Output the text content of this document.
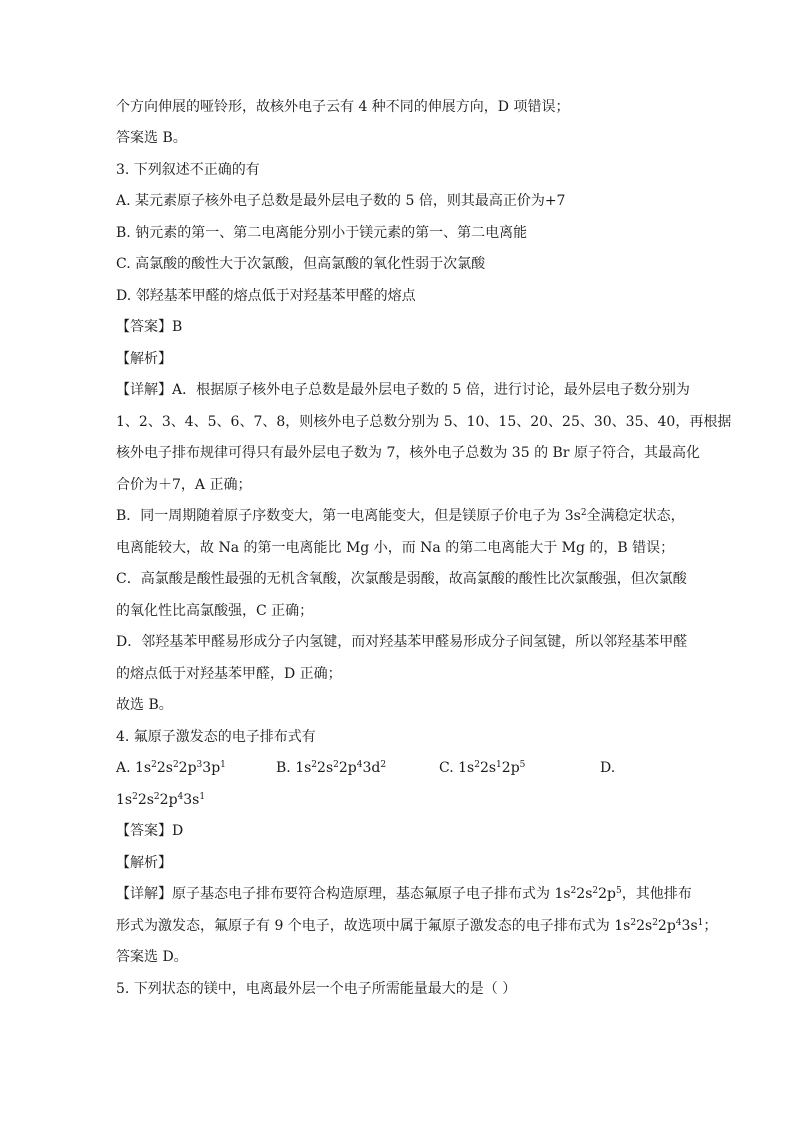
个方向伸展的哑铃形，故核外电子云有 4 种不同的伸展方向，D 项错误；
答案选 B。
3. 下列叙述不正确的有
A. 某元素原子核外电子总数是最外层电子数的 5 倍，则其最高正价为+7
B. 钠元素的第一、第二电离能分别小于镁元素的第一、第二电离能
C. 高氯酸的酸性大于次氯酸，但高氯酸的氧化性弱于次氯酸
D. 邻羟基苯甲醛的熔点低于对羟基苯甲醛的熔点
【答案】B
【解析】
【详解】A．根据原子核外电子总数是最外层电子数的 5 倍，进行讨论，最外层电子数分别为
1、2、3、4、5、6、7、8，则核外电子总数分别为 5、10、15、20、25、30、35、40，再根据
核外电子排布规律可得只有最外层电子数为 7，核外电子总数为 35 的 Br 原子符合，其最高化
合价为＋7，A 正确；
B．同一周期随着原子序数变大，第一电离能变大，但是镁原子价电子为 $3s^2$全满稳定状态，
电离能较大，故 Na 的第一电离能比 Mg 小，而 Na 的第二电离能大于 Mg 的，B 错误；
C．高氯酸是酸性最强的无机含氧酸，次氯酸是弱酸，故高氯酸的酸性比次氯酸强，但次氯酸
的氧化性比高氯酸强，C 正确；
D．邻羟基苯甲醛易形成分子内氢键，而对羟基苯甲醛易形成分子间氢键，所以邻羟基苯甲醛
的熔点低于对羟基苯甲醛，D 正确；
故选 B。
4. 氟原子激发态的电子排布式有
A. $1s^22s^22p^33p^1$	B. $1s^22s^22p^43d^2$	C. $1s^22s^12p^5$	D.
$1s^22s^22p^43s^1$
【答案】D
【解析】
【详解】原子基态电子排布要符合构造原理，基态氟原子电子排布式为 $1s^22s^22p^5$，其他排布
形式为激发态，氟原子有 9 个电子，故选项中属于氟原子激发态的电子排布式为 $1s^22s^22p^43s^1$；
答案选 D。
5. 下列状态的镁中，电离最外层一个电子所需能量最大的是（ ）
